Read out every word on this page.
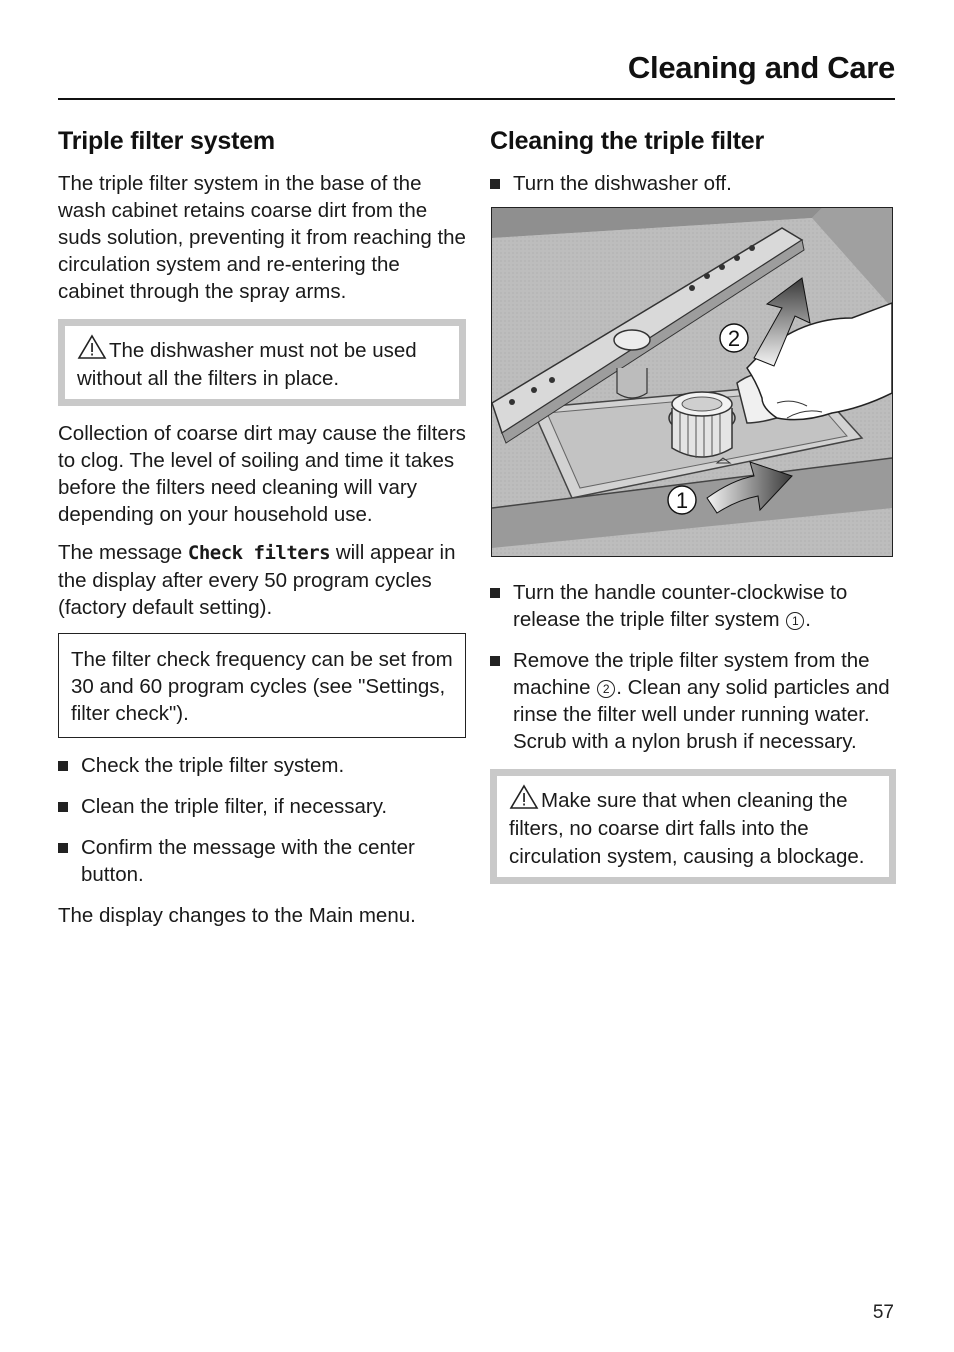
Cleaning and Care
Triple filter system

The triple filter system in the base of the wash cabinet retains coarse dirt from the suds solution, preventing it from reaching the circulation system and re-entering the cabinet through the spray arms.

The dishwasher must not be used without all the filters in place.

Collection of coarse dirt may cause the filters to clog. The level of soiling and time it takes before the filters need cleaning will vary depending on your household use.

The message Check filters will appear in the display after every 50 program cycles (factory default setting).

The filter check frequency can be set from 30 and 60 program cycles (see "Settings, filter check").
Check the triple filter system.
Clean the triple filter, if necessary.
Confirm the message with the center button.

The display changes to the Main menu.

Cleaning the triple filter
Turn the dishwasher off.
1
2
Turn the handle counter-clockwise to release the triple filter system 1 .
Remove the triple filter system from the machine 2 . Clean any solid particles and rinse the filter well under running water. Scrub with a nylon brush if necessary.
Make sure that when cleaning the filters, no coarse dirt falls into the circulation system, causing a blockage.
57
